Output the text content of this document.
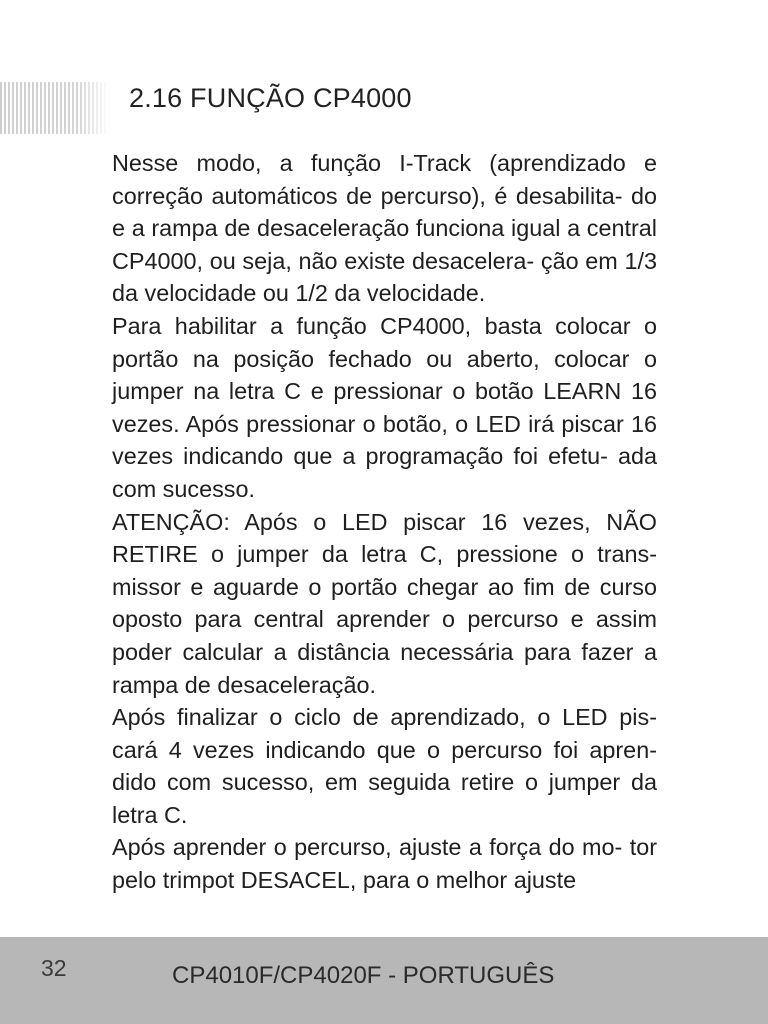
2.16 FUNÇÃO CP4000

Nesse modo, a função I-Track (aprendizado e correção automáticos de percurso), é desabilita- do e a rampa de desaceleração funciona igual a central CP4000, ou seja, não existe desacelera- ção em 1/3 da velocidade ou 1/2 da velocidade.

Para habilitar a função CP4000, basta colocar o portão na posição fechado ou aberto, colocar o jumper na letra C e pressionar o botão LEARN 16 vezes. Após pressionar o botão, o LED irá piscar 16 vezes indicando que a programação foi efetu- ada com sucesso.

ATENÇÃO: Após o LED piscar 16 vezes, NÃO RETIRE o jumper da letra C, pressione o trans- missor e aguarde o portão chegar ao fim de curso oposto para central aprender o percurso e assim poder calcular a distância necessária para fazer a rampa de desaceleração.

Após finalizar o ciclo de aprendizado, o LED pis- cará 4 vezes indicando que o percurso foi apren- dido com sucesso, em seguida retire o jumper da letra C.

Após aprender o percurso, ajuste a força do mo- tor pelo trimpot DESACEL, para o melhor ajuste

32	CP4010F/CP4020F - PORTUGUÊS
